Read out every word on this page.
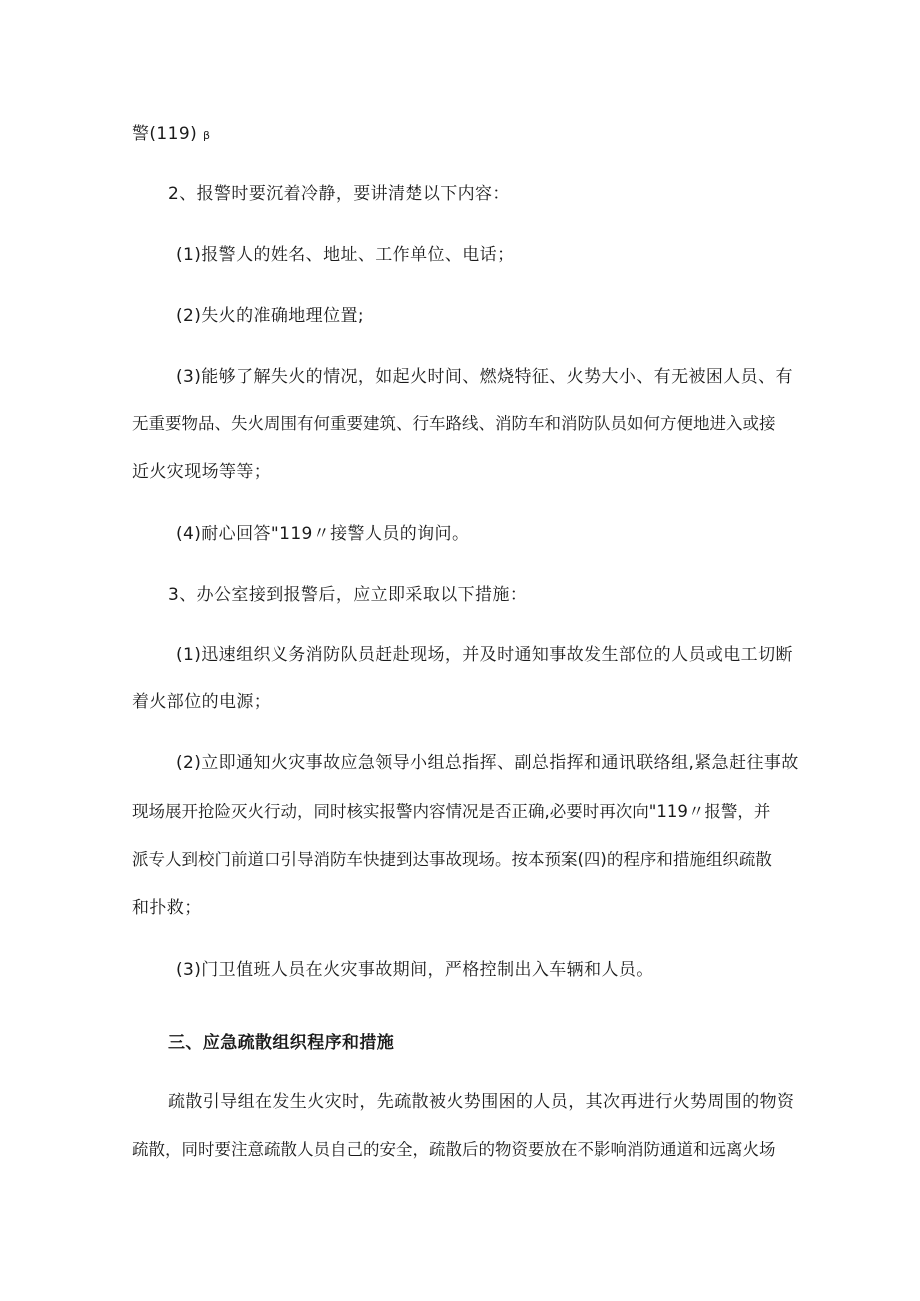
警(119) β
2、报警时要沉着冷静，要讲清楚以下内容：
(1)报警人的姓名、地址、工作单位、电话；
(2)失火的准确地理位置;
(3)能够了解失火的情况，如起火时间、燃烧特征、火势大小、有无被困人员、有
无重要物品、失火周围有何重要建筑、行车路线、消防车和消防队员如何方便地进入或接
近火灾现场等等；
(4)耐心回答"119〃接警人员的询问。
3、办公室接到报警后，应立即采取以下措施：
(1)迅速组织义务消防队员赶赴现场，并及时通知事故发生部位的人员或电工切断
着火部位的电源；
(2)立即通知火灾事故应急领导小组总指挥、副总指挥和通讯联络组,紧急赶往事故
现场展开抢险灭火行动，同时核实报警内容情况是否正确,必要时再次向"119〃报警，并
派专人到校门前道口引导消防车快捷到达事故现场。按本预案(四)的程序和措施组织疏散
和扑救；
(3)门卫值班人员在火灾事故期间，严格控制出入车辆和人员。
三、应急疏散组织程序和措施
疏散引导组在发生火灾时，先疏散被火势围困的人员，其次再进行火势周围的物资
疏散，同时要注意疏散人员自己的安全，疏散后的物资要放在不影响消防通道和远离火场
